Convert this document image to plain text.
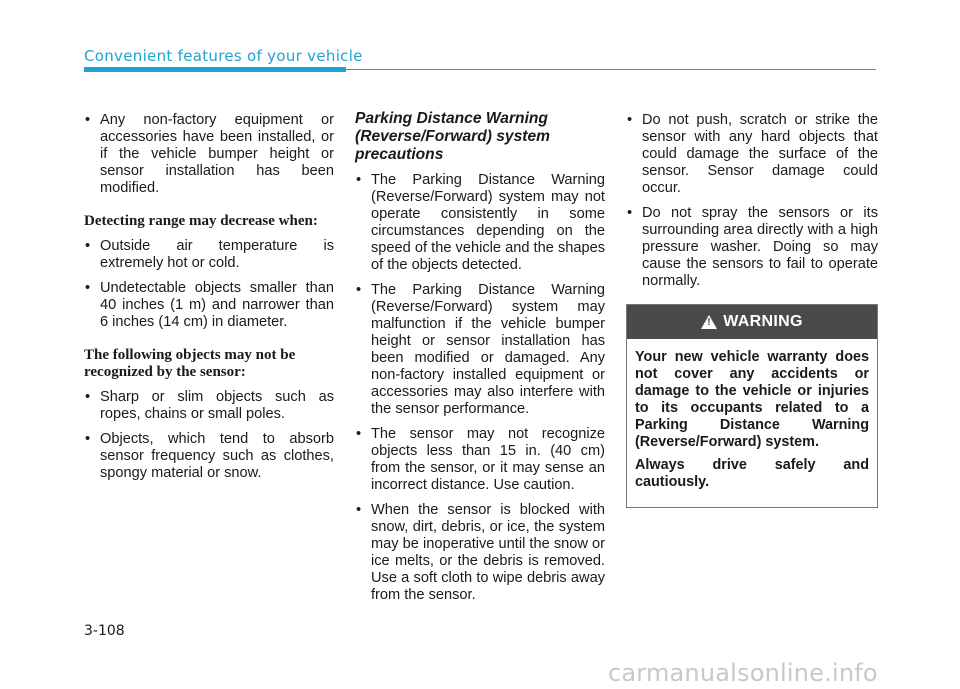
Convenient features of your vehicle
• Any non-factory equipment or accessories have been installed, or if the vehicle bumper height or sensor installation has been modified.
Detecting range may decrease when:
• Outside air temperature is extremely hot or cold.
• Undetectable objects smaller than 40 inches (1 m) and narrower than 6 inches (14 cm) in diameter.
The following objects may not be recognized by the sensor:
• Sharp or slim objects such as ropes, chains or small poles.
• Objects, which tend to absorb sensor frequency such as clothes, spongy material or snow.
Parking Distance Warning (Reverse/Forward) system precautions
• The Parking Distance Warning (Reverse/Forward) system may not operate consistently in some circumstances depending on the speed of the vehicle and the shapes of the objects detected.
• The Parking Distance Warning (Reverse/Forward) system may malfunction if the vehicle bumper height or sensor installation has been modified or damaged. Any non-factory installed equipment or accessories may also interfere with the sensor performance.
• The sensor may not recognize objects less than 15 in. (40 cm) from the sensor, or it may sense an incorrect distance. Use caution.
• When the sensor is blocked with snow, dirt, debris, or ice, the system may be inoperative until the snow or ice melts, or the debris is removed. Use a soft cloth to wipe debris away from the sensor.
• Do not push, scratch or strike the sensor with any hard objects that could damage the surface of the sensor. Sensor damage could occur.
• Do not spray the sensors or its surrounding area directly with a high pressure washer. Doing so may cause the sensors to fail to operate normally.
!
WARNING

Your new vehicle warranty does not cover any accidents or damage to the vehicle or injuries to its occupants related to a Parking Distance Warning (Reverse/Forward) system.

Always drive safely and cautiously.

3-108
carmanualsonline.info
